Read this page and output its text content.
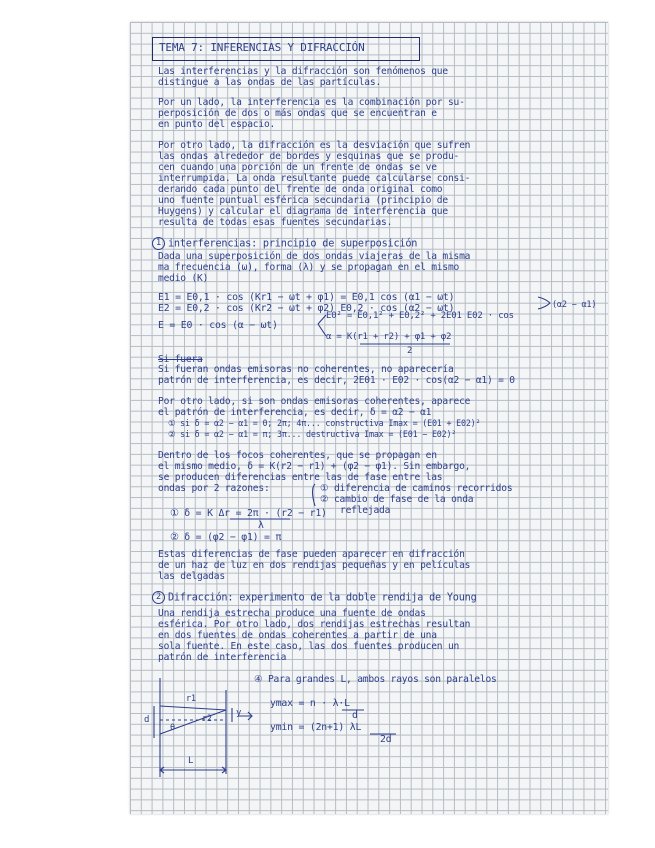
TEMA 7: INFERENCIAS Y DIFRACCIÓN
Las interferencias y la difracción son fenómenos que
distingue a las ondas de las partículas.
Por un lado, la interferencia es la combinación por su-
perposición de dos o más ondas que se encuentran e
en punto del espacio.
Por otro lado, la difracción es la desviación que sufren
las ondas alrededor de bordes y esquinas que se produ-
cen cuando una porción de un frente de ondas se ve
interrumpida. La onda resultante puede calcularse consi-
derando cada punto del frente de onda original como
uno fuente puntual esférica secundaria (principio de
Huygens) y calcular el diagrama de interferencia que
resulta de todas esas fuentes secundarias.
1 interferencias: principio de superposición
Dada una superposición de dos ondas viajeras de la misma
ma frecuencia (ω), forma (λ) y se propagan en el mismo
medio (K)
E1 = E0,1 · cos (Kr1 − ωt + φ1) = E0,1 cos (α1 − ωt)
E2 = E0,2 · cos (Kr2 − ωt + φ2) E0,2 · cos (α2 − ωt)	(α2 − α1)
E = E0 · cos (α − ωt)
E0² = E0,1² + E0,2² + 2E01 E02 · cos
α = K(r1 + r2) + φ1 + φ2
2
Si fuera
Si fueran ondas emisoras no coherentes, no aparecería
patrón de interferencia, es decir, 2E01 · E02 · cos(α2 − α1) = 0
Por otro lado, si son ondas emisoras coherentes, aparece
el patrón de interferencia, es decir, δ = α2 − α1
① si δ = α2 − α1 = 0; 2π; 4π... constructiva Imax = (E01 + E02)²
② si δ = α2 − α1 = π; 3π... destructiva Imax = (E01 − E02)²
Dentro de los focos coherentes, que se propagan en
el mismo medio, δ = K(r2 − r1) + (φ2 − φ1). Sin embargo,
se producen diferencias entre las de fase entre las
ondas por 2 razones:	① diferencia de caminos recorridos
② cambio de fase de la onda
reflejada
① δ = K Δr = 2π · (r2 − r1)
λ
② δ = (φ2 − φ1) = π
Estas diferencias de fase pueden aparecer en difracción
de un haz de luz en dos rendijas pequeñas y en películas
las delgadas
2 Difracción: experimento de la doble rendija de Young
Una rendija estrecha produce una fuente de ondas
esférica. Por otro lado, dos rendijas estrechas resultan
en dos fuentes de ondas coherentes a partir de una
sola fuente. En este caso, las dos fuentes producen un
patrón de interferencia
④ Para grandes L, ambos rayos son paralelos
ymax = n · λ·L
d
ymin = (2n+1) λL
2d
r1
r2
θ
d
y
L
